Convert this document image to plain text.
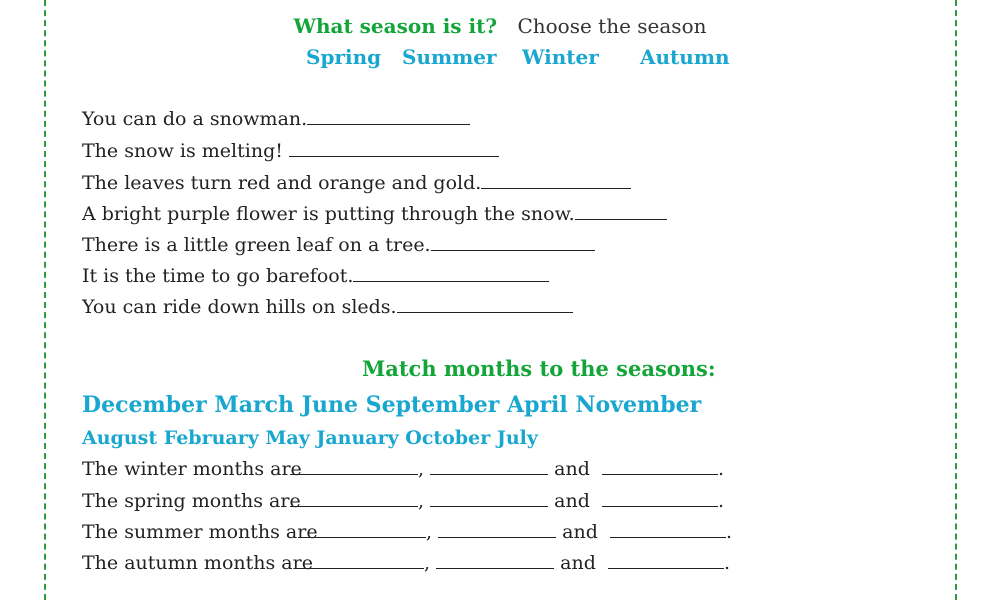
What season is it? Choose the season
Spring Summer Winter Autumn
You can do a snowman.
The snow is melting!
The leaves turn red and orange and gold.
A bright purple flower is putting through the snow.
There is a little green leaf on a tree.
It is the time to go barefoot.
You can ride down hills on sleds.
Match months to the seasons:
December March June September April November
August February May January October July
The winter months are	,	and	.
The spring months are	,	and	.
The summer months are	,	and	.
The autumn months are	,	and	.
